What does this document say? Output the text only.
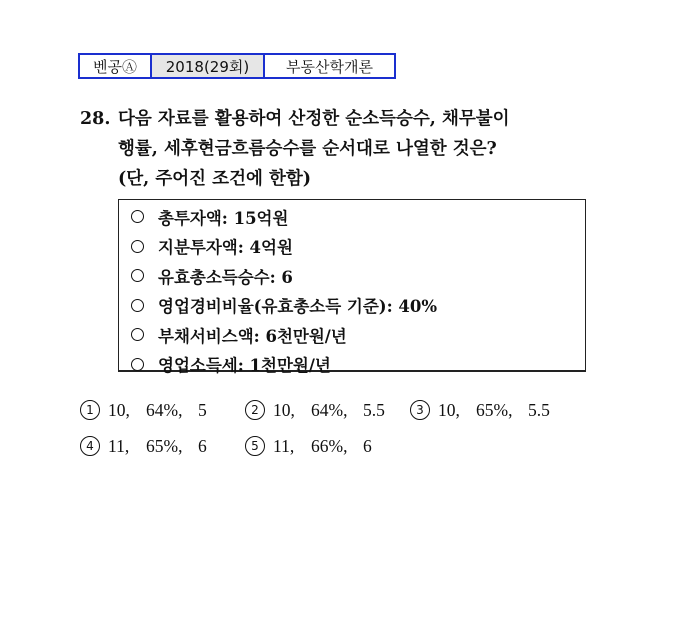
벤공Ⓐ	2018(29회)	부동산학개론
28. 다음 자료를 활용하여 산정한 순소득승수, 채무불이
행률, 세후현금흐름승수를 순서대로 나열한 것은?
(단, 주어진 조건에 한함)
총투자액: 15억원
지분투자액: 4억원
유효총소득승수: 6
영업경비비율(유효총소득 기준): 40%
부채서비스액: 6천만원/년
영업소득세: 1천만원/년
1 10, 64%, 5	2 10, 64%, 5.5	3 10, 65%, 5.5
4 11, 65%, 6	5 11, 66%, 6
